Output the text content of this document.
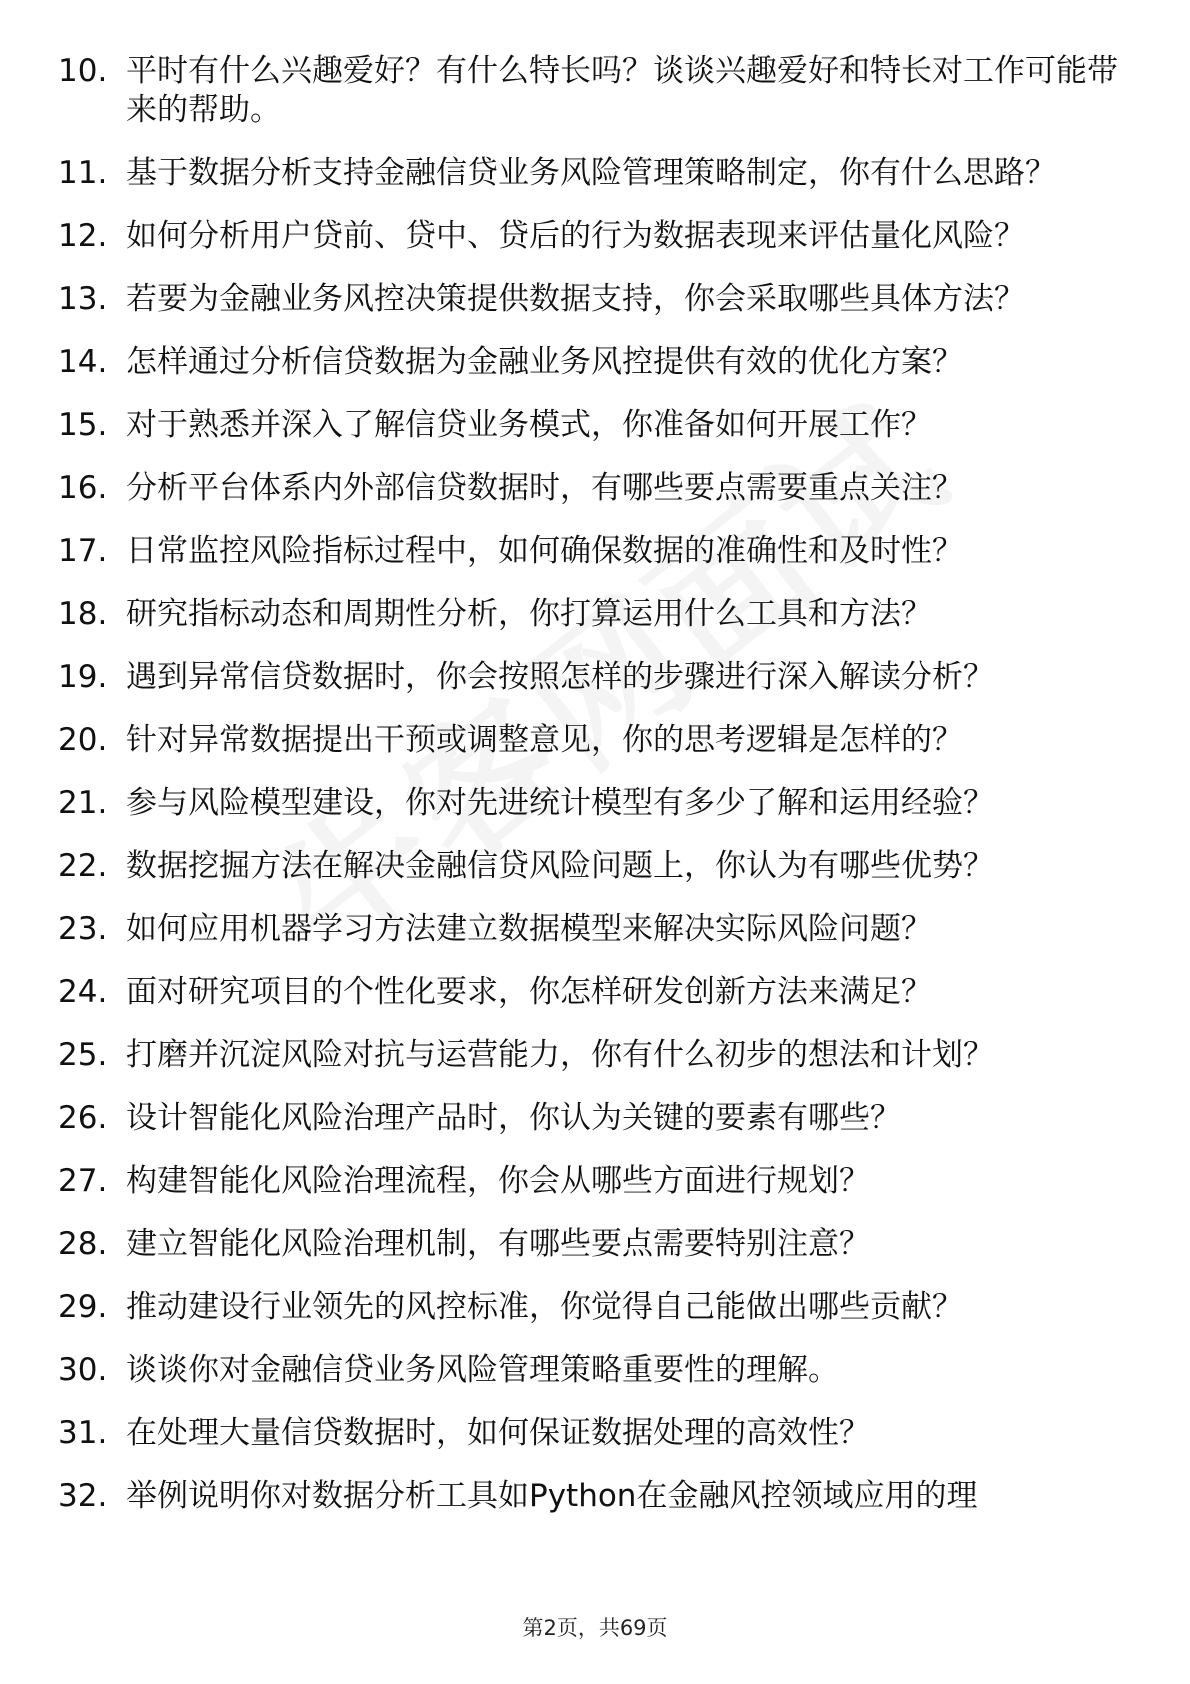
10. 平时有什么兴趣爱好？有什么特长吗？谈谈兴趣爱好和特长对工作可能带来的帮助。
11. 基于数据分析支持金融信贷业务风险管理策略制定，你有什么思路？
12. 如何分析用户贷前、贷中、贷后的行为数据表现来评估量化风险？
13. 若要为金融业务风控决策提供数据支持，你会采取哪些具体方法？
14. 怎样通过分析信贷数据为金融业务风控提供有效的优化方案？
15. 对于熟悉并深入了解信贷业务模式，你准备如何开展工作？
16. 分析平台体系内外部信贷数据时，有哪些要点需要重点关注？
17. 日常监控风险指标过程中，如何确保数据的准确性和及时性？
18. 研究指标动态和周期性分析，你打算运用什么工具和方法？
19. 遇到异常信贷数据时，你会按照怎样的步骤进行深入解读分析？
20. 针对异常数据提出干预或调整意见，你的思考逻辑是怎样的？
21. 参与风险模型建设，你对先进统计模型有多少了解和运用经验？
22. 数据挖掘方法在解决金融信贷风险问题上，你认为有哪些优势？
23. 如何应用机器学习方法建立数据模型来解决实际风险问题？
24. 面对研究项目的个性化要求，你怎样研发创新方法来满足？
25. 打磨并沉淀风险对抗与运营能力，你有什么初步的想法和计划？
26. 设计智能化风险治理产品时，你认为关键的要素有哪些？
27. 构建智能化风险治理流程，你会从哪些方面进行规划？
28. 建立智能化风险治理机制，有哪些要点需要特别注意？
29. 推动建设行业领先的风控标准，你觉得自己能做出哪些贡献？
30. 谈谈你对金融信贷业务风险管理策略重要性的理解。
31. 在处理大量信贷数据时，如何保证数据处理的高效性？
32. 举例说明你对数据分析工具如Python在金融风控领域应用的理
第2页，共69页
